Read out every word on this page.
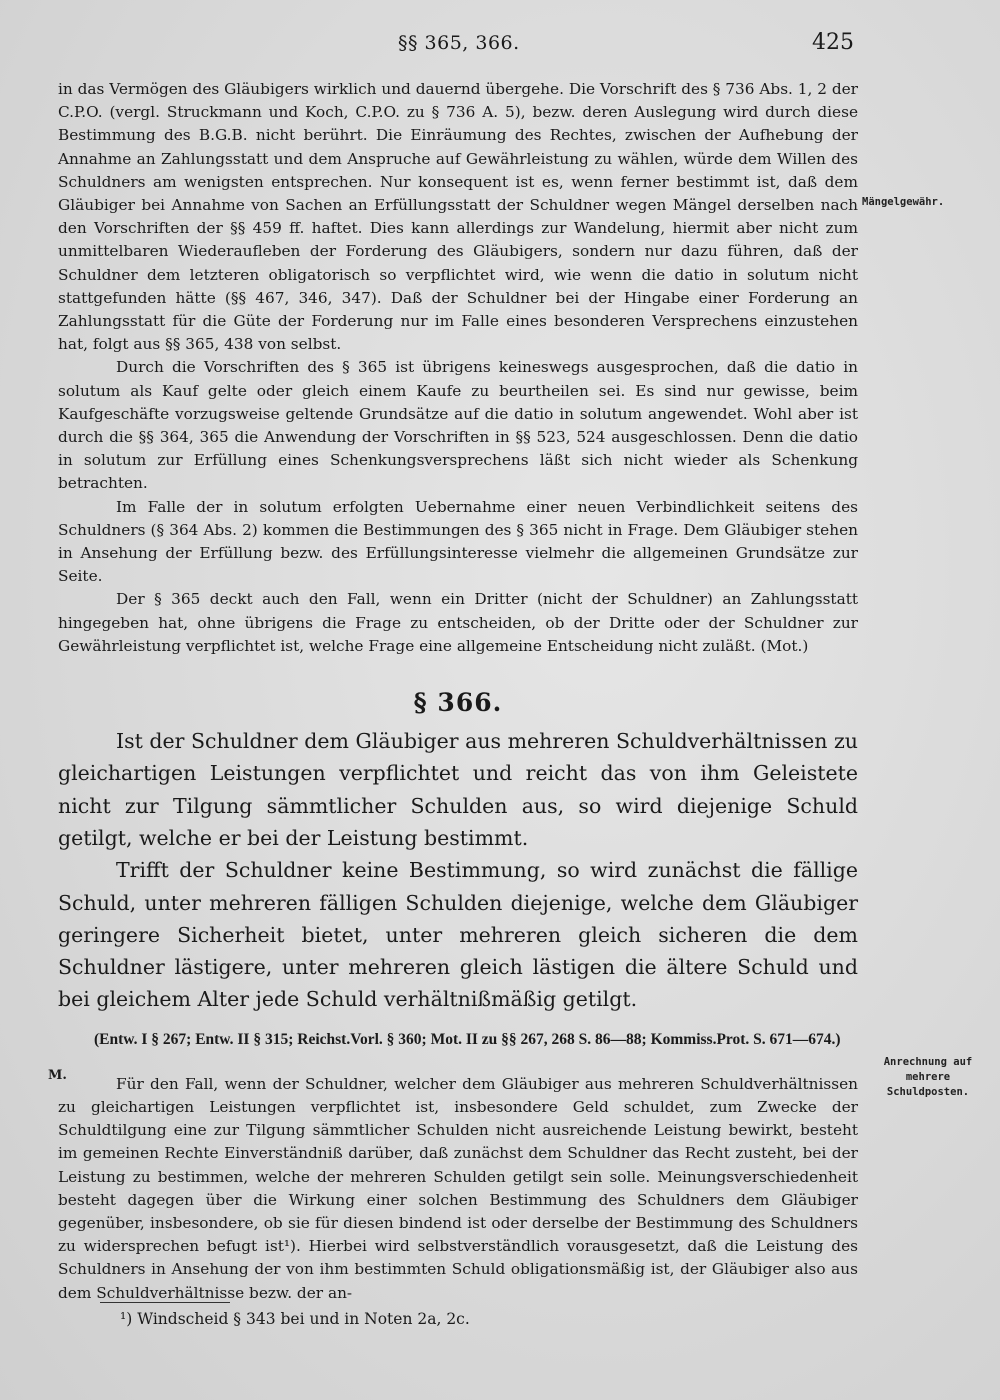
§§ 365, 366.	425
Mängelgewähr.
Anrechnung auf mehrere Schuldposten.
M.

in das Vermögen des Gläubigers wirklich und dauernd übergehe. Die Vorschrift des § 736 Abs. 1, 2 der C.P.O. (vergl. Struckmann und Koch, C.P.O. zu § 736 A. 5), bezw. deren Auslegung wird durch diese Bestimmung des B.G.B. nicht berührt. Die Einräumung des Rechtes, zwischen der Aufhebung der Annahme an Zahlungsstatt und dem Anspruche auf Gewährleistung zu wählen, würde dem Willen des Schuldners am wenigsten entsprechen. Nur konsequent ist es, wenn ferner bestimmt ist, daß dem Gläubiger bei Annahme von Sachen an Erfüllungsstatt der Schuldner wegen Mängel derselben nach den Vorschriften der §§ 459 ff. haftet. Dies kann allerdings zur Wandelung, hiermit aber nicht zum unmittelbaren Wiederaufleben der Forderung des Gläubigers, sondern nur dazu führen, daß der Schuldner dem letzteren obligatorisch so verpflichtet wird, wie wenn die datio in solutum nicht stattgefunden hätte (§§ 467, 346, 347). Daß der Schuldner bei der Hingabe einer Forderung an Zahlungsstatt für die Güte der Forderung nur im Falle eines besonderen Versprechens einzustehen hat, folgt aus §§ 365, 438 von selbst.

Durch die Vorschriften des § 365 ist übrigens keineswegs ausgesprochen, daß die datio in solutum als Kauf gelte oder gleich einem Kaufe zu beurtheilen sei. Es sind nur gewisse, beim Kaufgeschäfte vorzugsweise geltende Grundsätze auf die datio in solutum angewendet. Wohl aber ist durch die §§ 364, 365 die Anwendung der Vorschriften in §§ 523, 524 ausgeschlossen. Denn die datio in solutum zur Erfüllung eines Schenkungsversprechens läßt sich nicht wieder als Schenkung betrachten.

Im Falle der in solutum erfolgten Uebernahme einer neuen Verbindlichkeit seitens des Schuldners (§ 364 Abs. 2) kommen die Bestimmungen des § 365 nicht in Frage. Dem Gläubiger stehen in Ansehung der Erfüllung bezw. des Erfüllungsinteresse vielmehr die allgemeinen Grundsätze zur Seite.

Der § 365 deckt auch den Fall, wenn ein Dritter (nicht der Schuldner) an Zahlungsstatt hingegeben hat, ohne übrigens die Frage zu entscheiden, ob der Dritte oder der Schuldner zur Gewährleistung verpflichtet ist, welche Frage eine allgemeine Entscheidung nicht zuläßt. (Mot.)

§ 366.

Ist der Schuldner dem Gläubiger aus mehreren Schuldverhältnissen zu gleichartigen Leistungen verpflichtet und reicht das von ihm Geleistete nicht zur Tilgung sämmtlicher Schulden aus, so wird diejenige Schuld getilgt, welche er bei der Leistung bestimmt.

Trifft der Schuldner keine Bestimmung, so wird zunächst die fällige Schuld, unter mehreren fälligen Schulden diejenige, welche dem Gläubiger geringere Sicherheit bietet, unter mehreren gleich sicheren die dem Schuldner lästigere, unter mehreren gleich lästigen die ältere Schuld und bei gleichem Alter jede Schuld verhältnißmäßig getilgt.

(Entw. I § 267; Entw. II § 315; Reichst.Vorl. § 360; Mot. II zu §§ 267, 268 S. 86—88; Kommiss.Prot. S. 671—674.)

Für den Fall, wenn der Schuldner, welcher dem Gläubiger aus mehreren Schuldverhältnissen zu gleichartigen Leistungen verpflichtet ist, insbesondere Geld schuldet, zum Zwecke der Schuldtilgung eine zur Tilgung sämmtlicher Schulden nicht ausreichende Leistung bewirkt, besteht im gemeinen Rechte Einverständniß darüber, daß zunächst dem Schuldner das Recht zusteht, bei der Leistung zu bestimmen, welche der mehreren Schulden getilgt sein solle. Meinungsverschiedenheit besteht dagegen über die Wirkung einer solchen Bestimmung des Schuldners dem Gläubiger gegenüber, insbesondere, ob sie für diesen bindend ist oder derselbe der Bestimmung des Schuldners zu widersprechen befugt ist¹). Hierbei wird selbstverständlich vorausgesetzt, daß die Leistung des Schuldners in Ansehung der von ihm bestimmten Schuld obligationsmäßig ist, der Gläubiger also aus dem Schuldverhältnisse bezw. der an-

¹) Windscheid § 343 bei und in Noten 2a, 2c.
